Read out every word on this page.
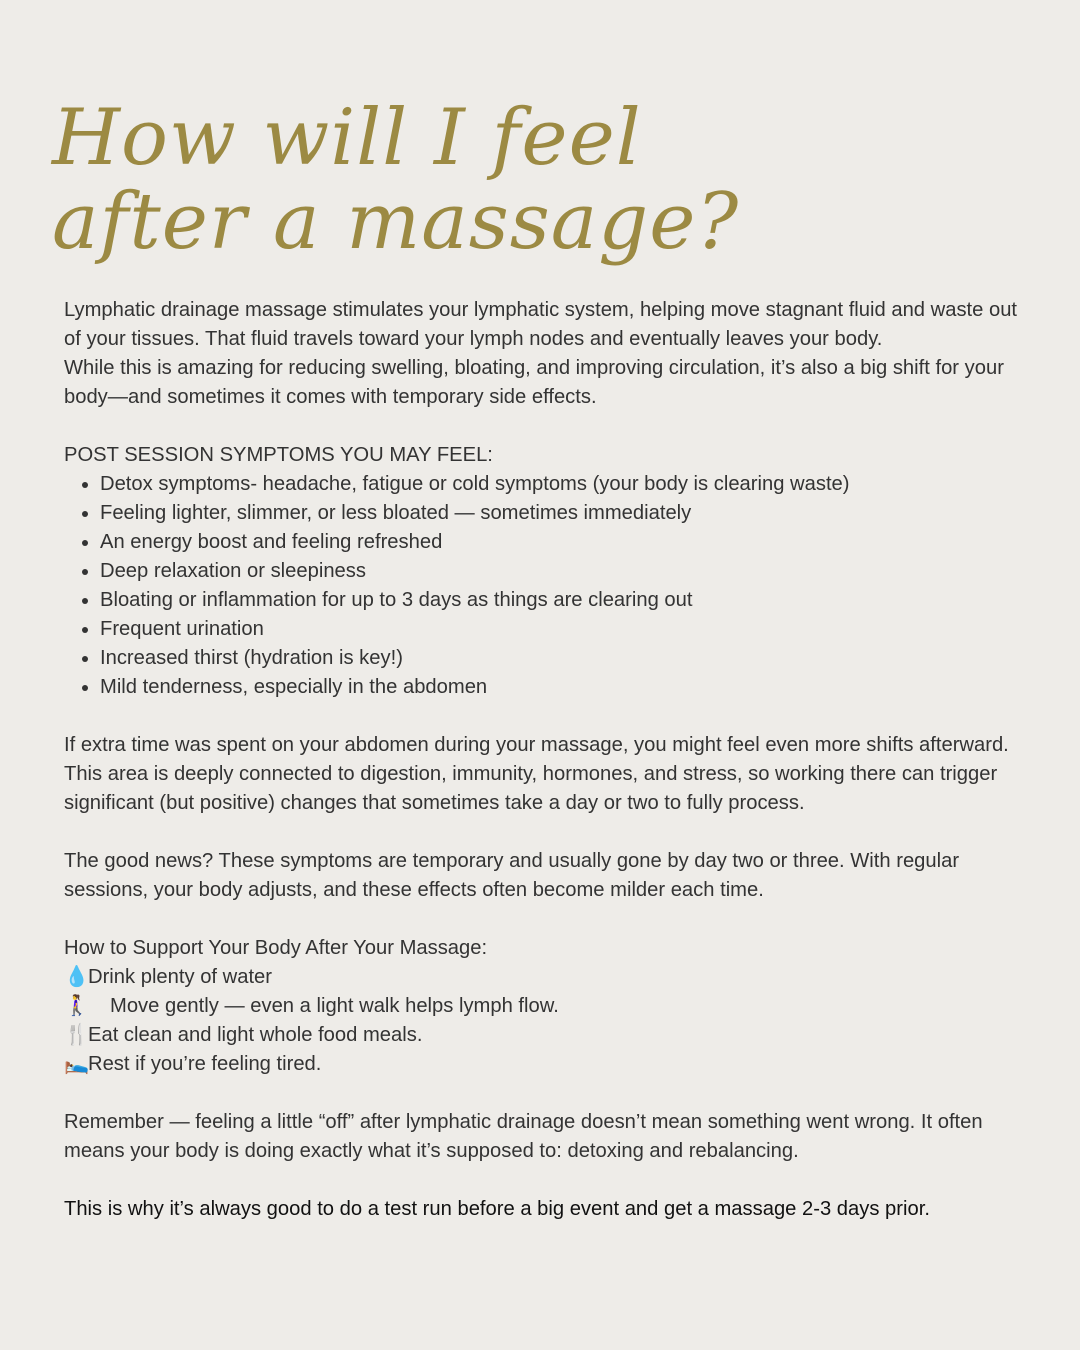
How will I feel
after a massage?

Lymphatic drainage massage stimulates your lymphatic system, helping move stagnant fluid and waste out of your tissues. That fluid travels toward your lymph nodes and eventually leaves your body.

While this is amazing for reducing swelling, bloating, and improving circulation, it’s also a big shift for your body—and sometimes it comes with temporary side effects.

POST SESSION SYMPTOMS YOU MAY FEEL:

• Detox symptoms- headache, fatigue or cold symptoms (your body is clearing waste)
• Feeling lighter, slimmer, or less bloated — sometimes immediately
• An energy boost and feeling refreshed
• Deep relaxation or sleepiness
• Bloating or inflammation for up to 3 days as things are clearing out
• Frequent urination
• Increased thirst (hydration is key!)
• Mild tenderness, especially in the abdomen

If extra time was spent on your abdomen during your massage, you might feel even more shifts afterward. This area is deeply connected to digestion, immunity, hormones, and stress, so working there can trigger significant (but positive) changes that sometimes take a day or two to fully process.

The good news? These symptoms are temporary and usually gone by day two or three. With regular sessions, your body adjusts, and these effects often become milder each time.

How to Support Your Body After Your Massage:

💧Drink plenty of water

🚶‍♀️ Move gently — even a light walk helps lymph flow.

🍴Eat clean and light whole food meals.

🛌Rest if you’re feeling tired.

Remember — feeling a little “off” after lymphatic drainage doesn’t mean something went wrong. It often means your body is doing exactly what it’s supposed to: detoxing and rebalancing.

This is why it’s always good to do a test run before a big event and get a massage 2-3 days prior.
